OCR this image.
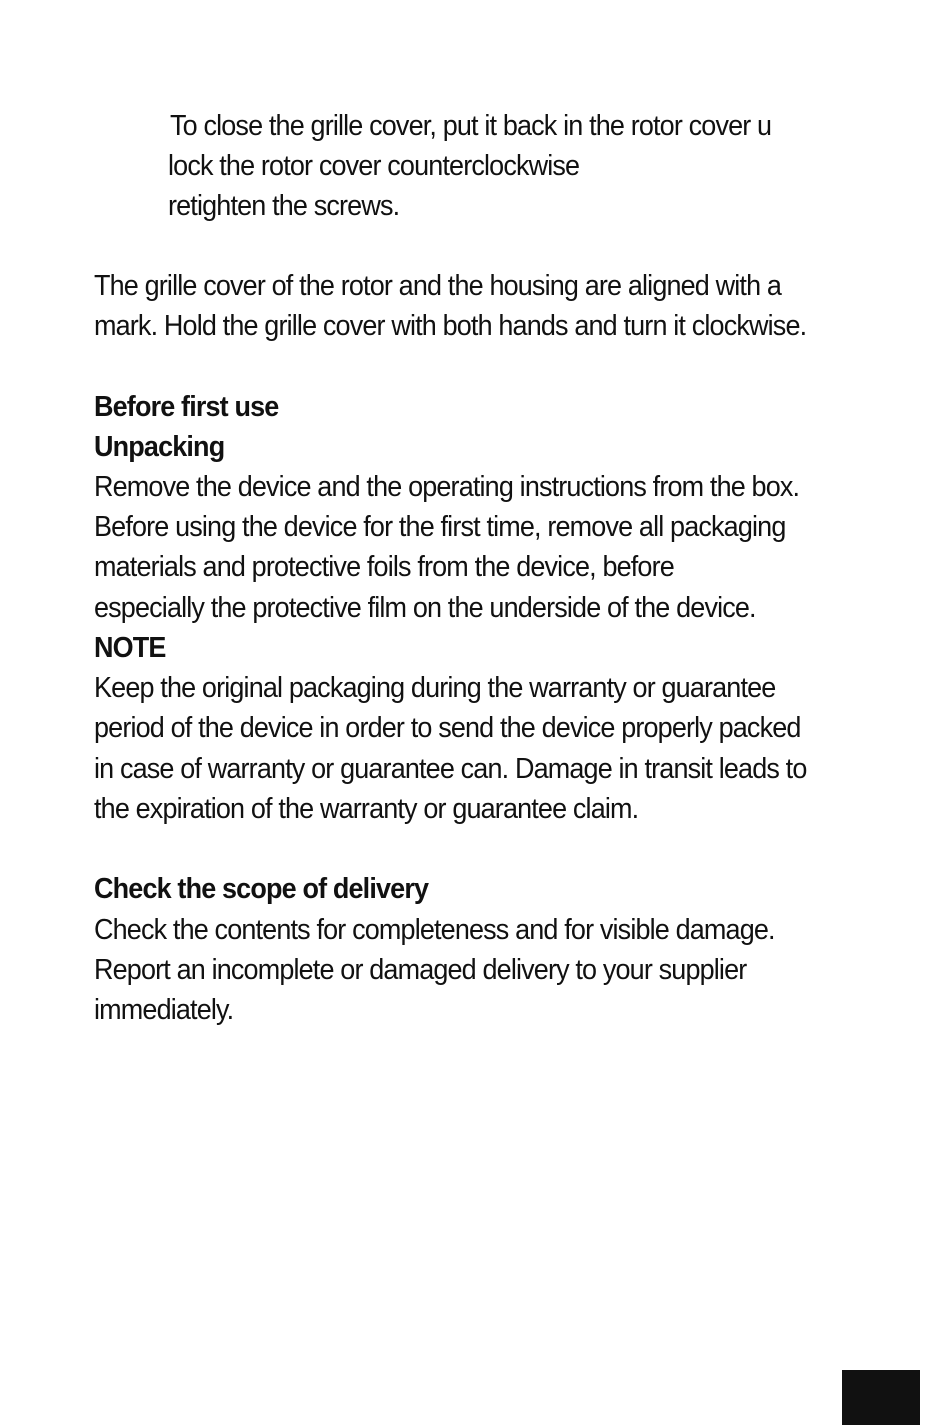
To close the grille cover, put it back in the rotor cover u
lock the rotor cover counterclockwise
retighten the screws.
The grille cover of the rotor and the housing are aligned with a
mark. Hold the grille cover with both hands and turn it clockwise.
Before first use
Unpacking
Remove the device and the operating instructions from the box.
Before using the device for the first time, remove all packaging
materials and protective foils from the device, before
especially the protective film on the underside of the device.
NOTE
Keep the original packaging during the warranty or guarantee
period of the device in order to send the device properly packed
in case of warranty or guarantee can. Damage in transit leads to
the expiration of the warranty or guarantee claim.
Check the scope of delivery
Check the contents for completeness and for visible damage.
Report an incomplete or damaged delivery to your supplier
immediately.
